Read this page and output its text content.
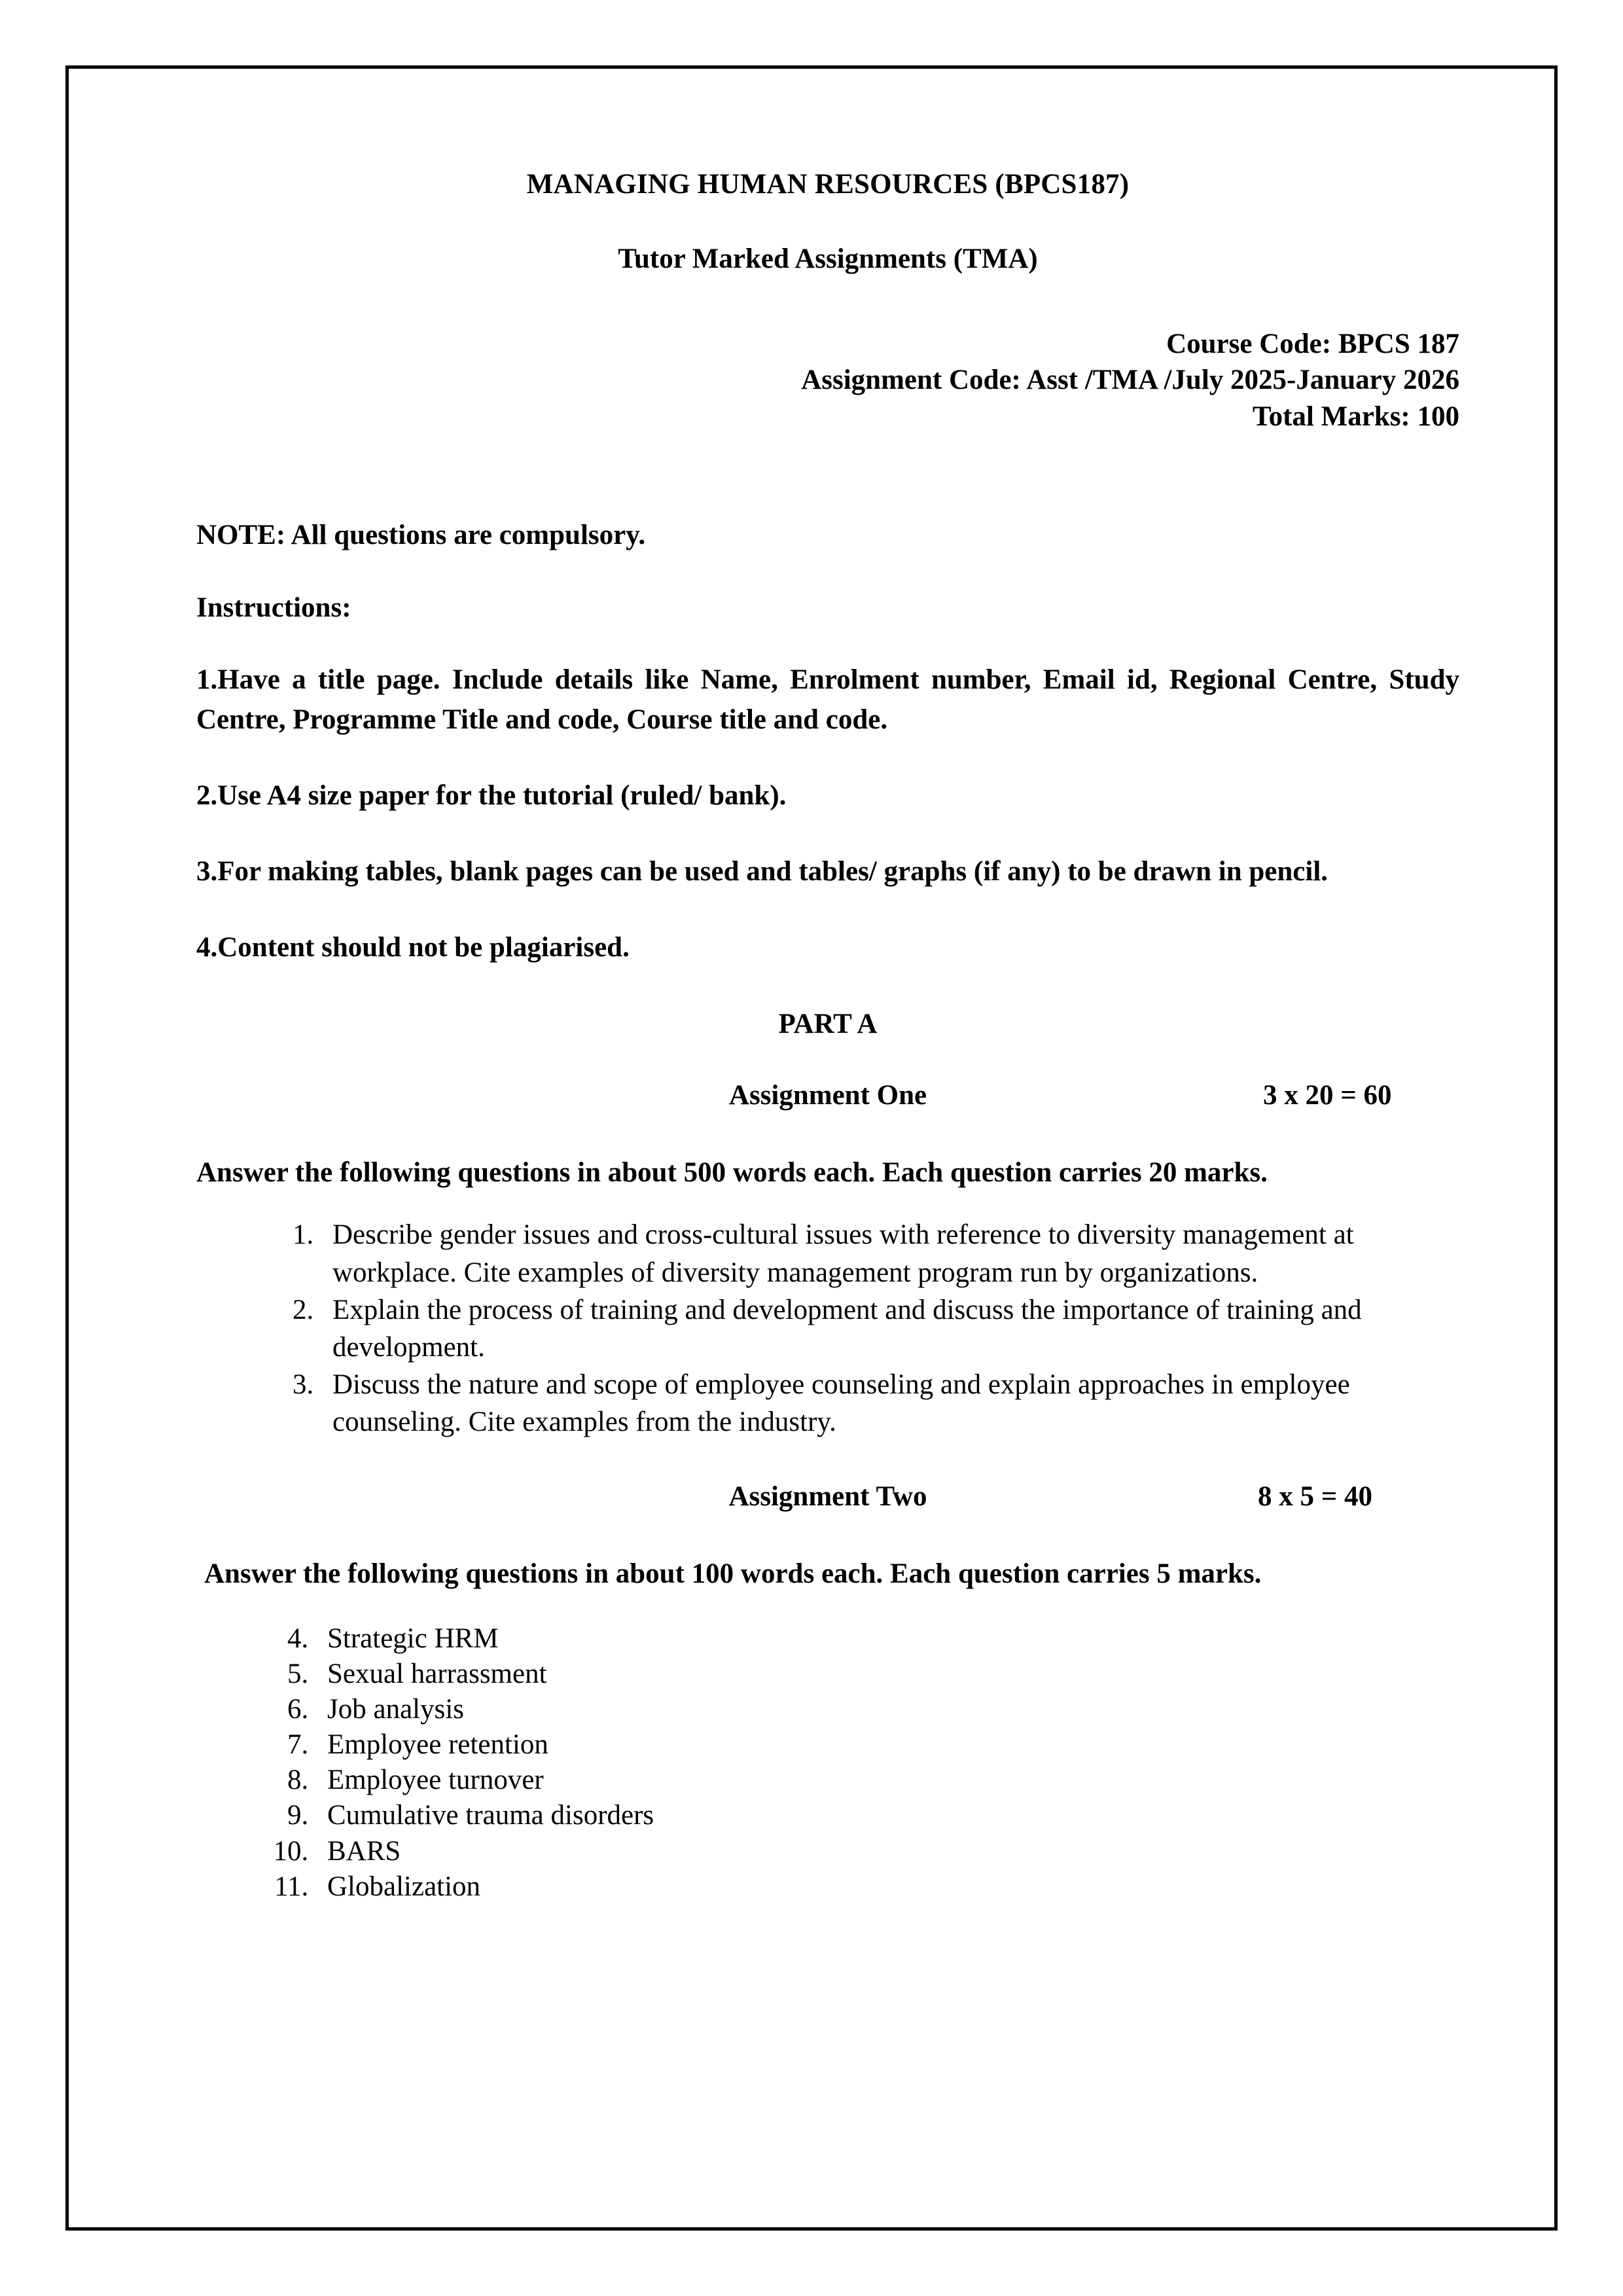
MANAGING HUMAN RESOURCES (BPCS187)
Tutor Marked Assignments (TMA)
Course Code: BPCS 187
Assignment Code: Asst /TMA /July 2025-January 2026
Total Marks: 100
NOTE: All questions are compulsory.
Instructions:
1.Have a title page. Include details like Name, Enrolment number, Email id, Regional Centre, Study Centre, Programme Title and code, Course title and code.
2.Use A4 size paper for the tutorial (ruled/ bank).
3.For making tables, blank pages can be used and tables/ graphs (if any) to be drawn in pencil.
4.Content should not be plagiarised.
PART A
Assignment One	3 x 20 = 60
Answer the following questions in about 500 words each. Each question carries 20 marks.
1. Describe gender issues and cross-cultural issues with reference to diversity management at workplace. Cite examples of diversity management program run by organizations.
2. Explain the process of training and development and discuss the importance of training and development.
3. Discuss the nature and scope of employee counseling and explain approaches in employee counseling. Cite examples from the industry.
Assignment Two	8 x 5 = 40
Answer the following questions in about 100 words each. Each question carries 5 marks.
4. Strategic HRM
5. Sexual harrassment
6. Job analysis
7. Employee retention
8. Employee turnover
9. Cumulative trauma disorders
10. BARS
11. Globalization
